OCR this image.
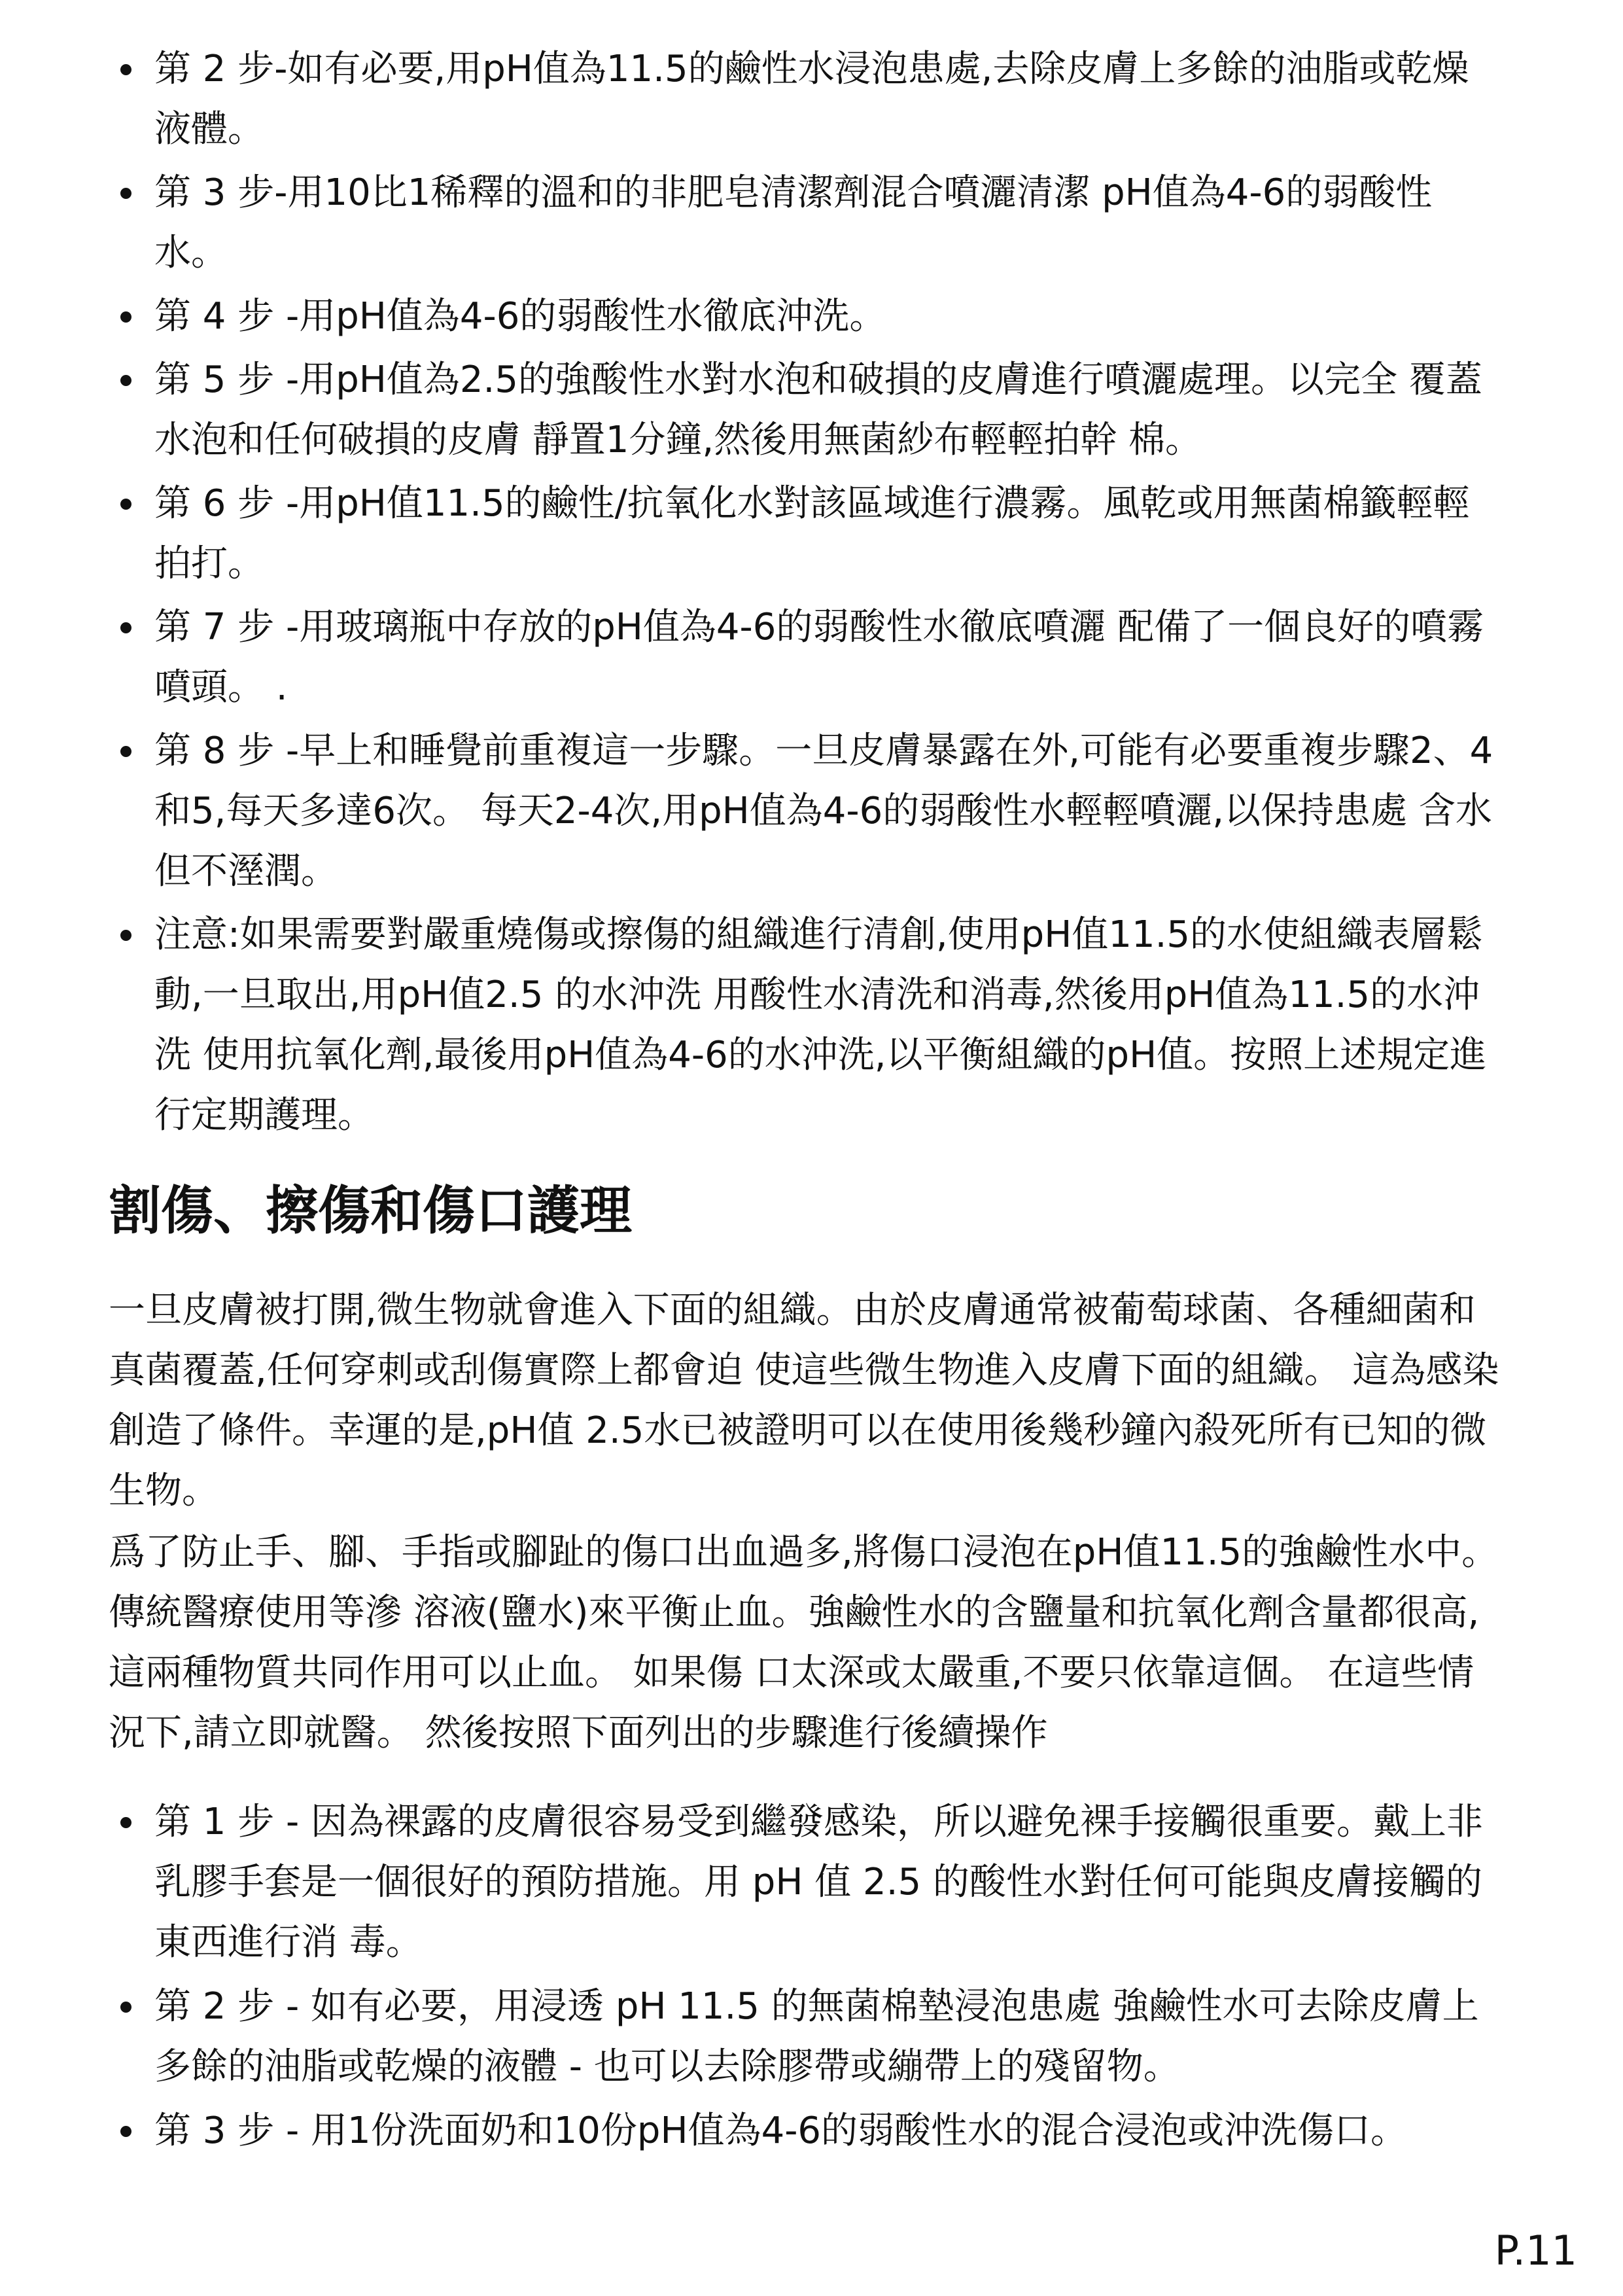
第 2 步-如有必要,用pH值為11.5的鹼性水浸泡患處,去除皮膚上多餘的油脂或乾燥液體。
第 3 步-用10比1稀釋的溫和的非肥皂清潔劑混合噴灑清潔 pH值為4-6的弱酸性水。
第 4 步 -用pH值為4-6的弱酸性水徹底沖洗。
第 5 步 -用pH值為2.5的強酸性水對水泡和破損的皮膚進行噴灑處理。以完全 覆蓋水泡和任何破損的皮膚 靜置1分鐘,然後用無菌紗布輕輕拍幹 棉。
第 6 步 -用pH值11.5的鹼性/抗氧化水對該區域進行濃霧。風乾或用無菌棉籤輕輕拍打。
第 7 步 -用玻璃瓶中存放的pH值為4-6的弱酸性水徹底噴灑 配備了一個良好的噴霧噴頭。 .
第 8 步 -早上和睡覺前重複這一步驟。一旦皮膚暴露在外,可能有必要重複步驟2、4和5,每天多達6次。 每天2-4次,用pH值為4-6的弱酸性水輕輕噴灑,以保持患處 含水但不溼潤。
注意:如果需要對嚴重燒傷或擦傷的組織進行清創,使用pH值11.5的水使組織表層鬆動,一旦取出,用pH值2.5 的水沖洗 用酸性水清洗和消毒,然後用pH值為11.5的水沖洗 使用抗氧化劑,最後用pH值為4-6的水沖洗,以平衡組織的pH值。按照上述規定進行定期護理。
割傷、擦傷和傷口護理

一旦皮膚被打開,微生物就會進入下面的組織。由於皮膚通常被葡萄球菌、各種細菌和真菌覆蓋,任何穿刺或刮傷實際上都會迫 使這些微生物進入皮膚下面的組織。 這為感染創造了條件。幸運的是,pH值 2.5水已被證明可以在使用後幾秒鐘內殺死所有已知的微生物。

爲了防止手、腳、手指或腳趾的傷口出血過多,將傷口浸泡在pH值11.5的強鹼性水中。 傳統醫療使用等滲 溶液(鹽水)來平衡止血。強鹼性水的含鹽量和抗氧化劑含量都很高,這兩種物質共同作用可以止血。 如果傷 口太深或太嚴重,不要只依靠這個。 在這些情況下,請立即就醫。 然後按照下面列出的步驟進行後續操作

第 1 步 - 因為裸露的皮膚很容易受到繼發感染，所以避免裸手接觸很重要。戴上非乳膠手套是一個很好的預防措施。用 pH 值 2.5 的酸性水對任何可能與皮膚接觸的東西進行消 毒。
第 2 步 - 如有必要，用浸透 pH 11.5 的無菌棉墊浸泡患處 強鹼性水可去除皮膚上多餘的油脂或乾燥的液體 - 也可以去除膠帶或繃帶上的殘留物。
第 3 步 - 用1份洗面奶和10份pH值為4-6的弱酸性水的混合浸泡或沖洗傷口。
P.11
